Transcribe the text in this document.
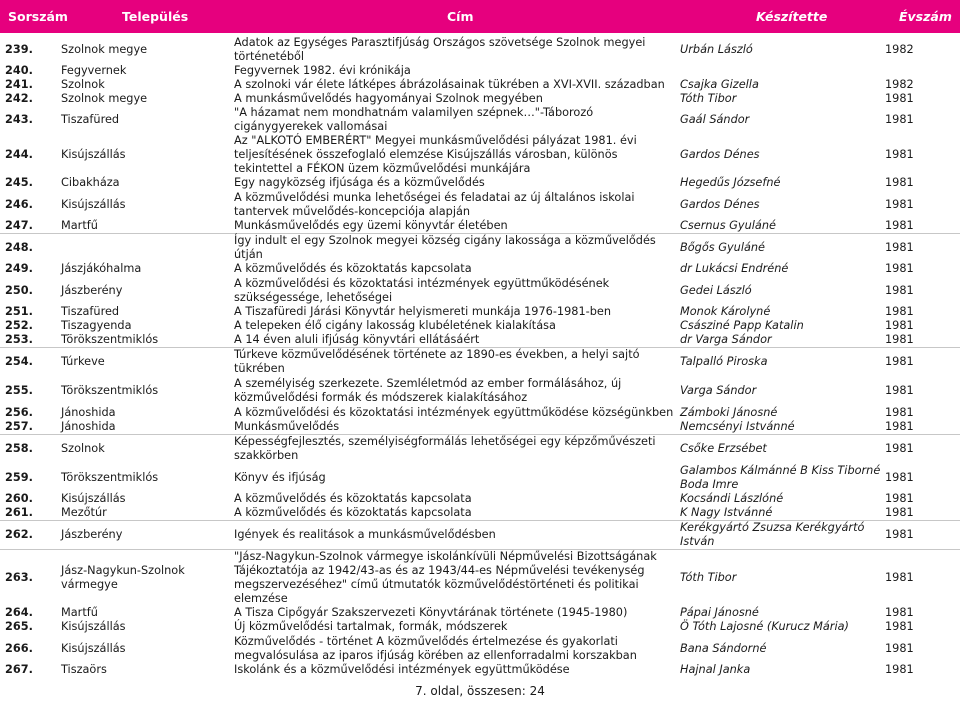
Sorszám	Település	Cím	Készítette	Évszám
239.	Szolnok megye	Adatok az Egységes Parasztifjúság Országos szövetsége Szolnok megyei történetéből	Urbán László	1982
240.	Fegyvernek	Fegyvernek 1982. évi krónikája		
241.	Szolnok	A szolnoki vár élete látképes ábrázolásainak tükrében a XVI-XVII. században	Csajka Gizella	1982
242.	Szolnok megye	A munkásművelődés hagyományai Szolnok megyében	Tóth Tibor	1981
243.	Tiszafüred	"A házamat nem mondhatnám valamilyen szépnek…"-Táborozó cigánygyerekek vallomásai	Gaál Sándor	1981
244.	Kisújszállás	Az "ALKOTÓ EMBERÉRT" Megyei munkásművelődési pályázat 1981. évi teljesítésének összefoglaló elemzése Kisújszállás városban, különös tekintettel a FÉKON üzem közművelődési munkájára	Gardos Dénes	1981
245.	Cibakháza	Egy nagyközség ifjúsága és a közművelődés	Hegedűs Józsefné	1981
246.	Kisújszállás	A közművelődési munka lehetőségei és feladatai az új általános iskolai tantervek művelődés-koncepciója alapján	Gardos Dénes	1981
247.	Martfű	Munkásművelődés egy üzemi könyvtár életében	Csernus Gyuláné	1981
248.		Így indult el egy Szolnok megyei község cigány lakossága a közművelődés útján	Bőgős Gyuláné	1981
249.	Jászjákóhalma	A közművelődés és közoktatás kapcsolata	dr Lukácsi Endréné	1981
250.	Jászberény	A közművelődési és közoktatási intézmények együttműködésének szükségessége, lehetőségei	Gedei László	1981
251.	Tiszafüred	A Tiszafüredi Járási Könyvtár helyismereti munkája 1976-1981-ben	Monok Károlyné	1981
252.	Tiszagyenda	A telepeken élő cigány lakosság klubéletének kialakítása	Császiné Papp Katalin	1981
253.	Törökszentmiklós	A 14 éven aluli ifjúság könyvtári ellátásáért	dr Varga Sándor	1981
254.	Túrkeve	Túrkeve közművelődésének története az 1890-es években, a helyi sajtó tükrében	Talpalló Piroska	1981
255.	Törökszentmiklós	A személyiség szerkezete. Szemléletmód az ember formálásához, új közművelődési formák és módszerek kialakításához	Varga Sándor	1981
256.	Jánoshida	A közművelődési és közoktatási intézmények együttműködése községünkben	Zámboki Jánosné	1981
257.	Jánoshida	Munkásművelődés	Nemcsényi Istvánné	1981
258.	Szolnok	Képességfejlesztés, személyiségformálás lehetőségei egy képzőművészeti szakkörben	Csőke Erzsébet	1981
259.	Törökszentmiklós	Könyv és ifjúság	Galambos Kálmánné B Kiss Tiborné Boda Imre	1981
260.	Kisújszállás	A közművelődés és közoktatás kapcsolata	Kocsándi Lászlóné	1981
261.	Mezőtúr	A közművelődés és közoktatás kapcsolata	K Nagy Istvánné	1981
262.	Jászberény	Igények és realitások a munkásművelődésben	Kerékgyártó Zsuzsa Kerékgyártó István	1981
263.	Jász-Nagykun-Szolnok vármegye	"Jász-Nagykun-Szolnok vármegye iskolánkívüli Népművelési Bizottságának Tájékoztatója az 1942/43-as és az 1943/44-es Népművelési tevékenység megszervezéséhez" című útmutatók közművelődéstörténeti és politikai elemzése	Tóth Tibor	1981
264.	Martfű	A Tisza Cipőgyár Szakszervezeti Könyvtárának története (1945-1980)	Pápai Jánosné	1981
265.	Kisújszállás	Új közművelődési tartalmak, formák, módszerek	Ö Tóth Lajosné (Kurucz Mária)	1981
266.	Kisújszállás	Közművelődés - történet A közművelődés értelmezése és gyakorlati megvalósulása az iparos ifjúság körében az ellenforradalmi korszakban	Bana Sándorné	1981
267.	Tiszaörs	Iskolánk és a közművelődési intézmények együttműködése	Hajnal Janka	1981
7. oldal, összesen: 24
